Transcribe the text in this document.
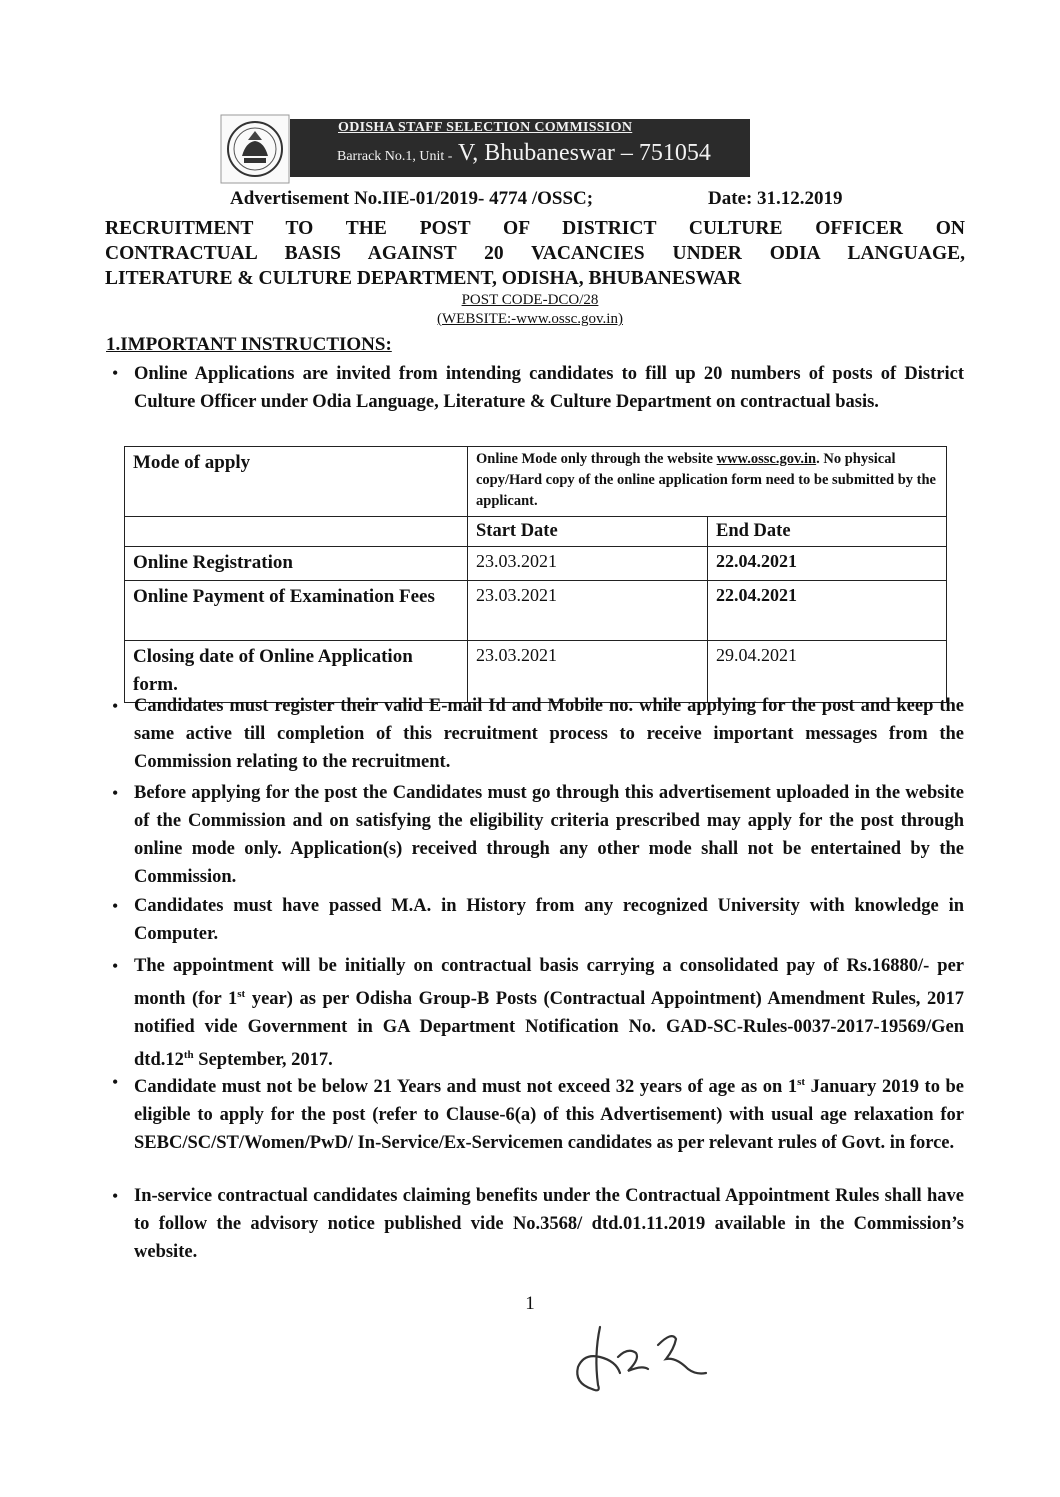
ODISHA STAFF SELECTION COMMISSION
Barrack No.1, Unit - V, Bhubaneswar – 751054
Advertisement No.IIE-01/2019- 4774 /OSSC;	Date: 31.12.2019
RECRUITMENT TO THE POST OF DISTRICT CULTURE OFFICER ON
CONTRACTUAL BASIS AGAINST 20 VACANCIES UNDER ODIA LANGUAGE,
LITERATURE & CULTURE DEPARTMENT, ODISHA, BHUBANESWAR
POST CODE-DCO/28
(WEBSITE:-www.ossc.gov.in)
1.IMPORTANT INSTRUCTIONS:
• Online Applications are invited from intending candidates to fill up 20 numbers of posts of District Culture Officer under Odia Language, Literature & Culture Department on contractual basis.
Mode of apply	Online Mode only through the website www.ossc.gov.in. No physical copy/Hard copy of the online application form need to be submitted by the applicant.	
	Start Date	End Date
Online Registration	23.03.2021	22.04.2021
Online Payment of Examination Fees	23.03.2021	22.04.2021
Closing date of Online Application form.	23.03.2021	29.04.2021
• Candidates must register their valid E-mail Id and Mobile no. while applying for the post and keep the same active till completion of this recruitment process to receive important messages from the Commission relating to the recruitment.
• Before applying for the post the Candidates must go through this advertisement uploaded in the website of the Commission and on satisfying the eligibility criteria prescribed may apply for the post through online mode only. Application(s) received through any other mode shall not be entertained by the Commission.
• Candidates must have passed M.A. in History from any recognized University with knowledge in Computer.
• The appointment will be initially on contractual basis carrying a consolidated pay of Rs.16880/- per month (for 1st year) as per Odisha Group-B Posts (Contractual Appointment) Amendment Rules, 2017 notified vide Government in GA Department Notification No. GAD-SC-Rules-0037-2017-19569/Gen dtd.12th September, 2017.
• Candidate must not be below 21 Years and must not exceed 32 years of age as on 1st January 2019 to be eligible to apply for the post (refer to Clause-6(a) of this Advertisement) with usual age relaxation for SEBC/SC/ST/Women/PwD/ In-Service/Ex-Servicemen candidates as per relevant rules of Govt. in force.
• In-service contractual candidates claiming benefits under the Contractual Appointment Rules shall have to follow the advisory notice published vide No.3568/ dtd.01.11.2019 available in the Commission’s website.
1
